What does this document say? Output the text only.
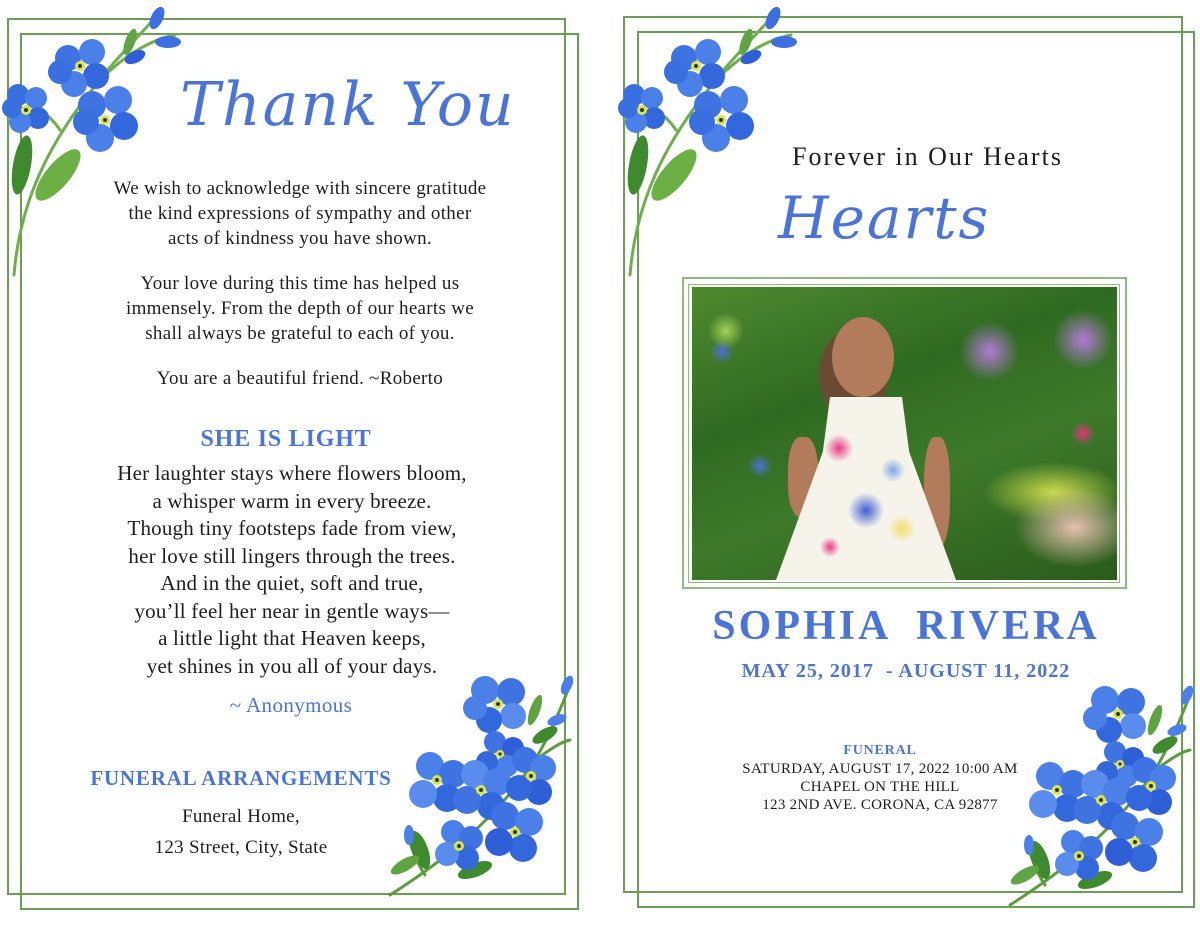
Thank You
We wish to acknowledge with sincere gratitude
the kind expressions of sympathy and other
acts of kindness you have shown.
Your love during this time has helped us
immensely. From the depth of our hearts we
shall always be grateful to each of you.
You are a beautiful friend. ~Roberto
SHE IS LIGHT
Her laughter stays where flowers bloom,
a whisper warm in every breeze.
Though tiny footsteps fade from view,
her love still lingers through the trees.
And in the quiet, soft and true,
you’ll feel her near in gentle ways—
a little light that Heaven keeps,
yet shines in you all of your days.
~ Anonymous
FUNERAL ARRANGEMENTS
Funeral Home,
123 Street, City, State
Forever in Our Hearts
Hearts
SOPHIA  RIVERA
MAY 25, 2017  - AUGUST 11, 2022
FUNERAL
SATURDAY, AUGUST 17, 2022 10:00 AM
CHAPEL ON THE HILL
123 2ND AVE. CORONA, CA 92877
